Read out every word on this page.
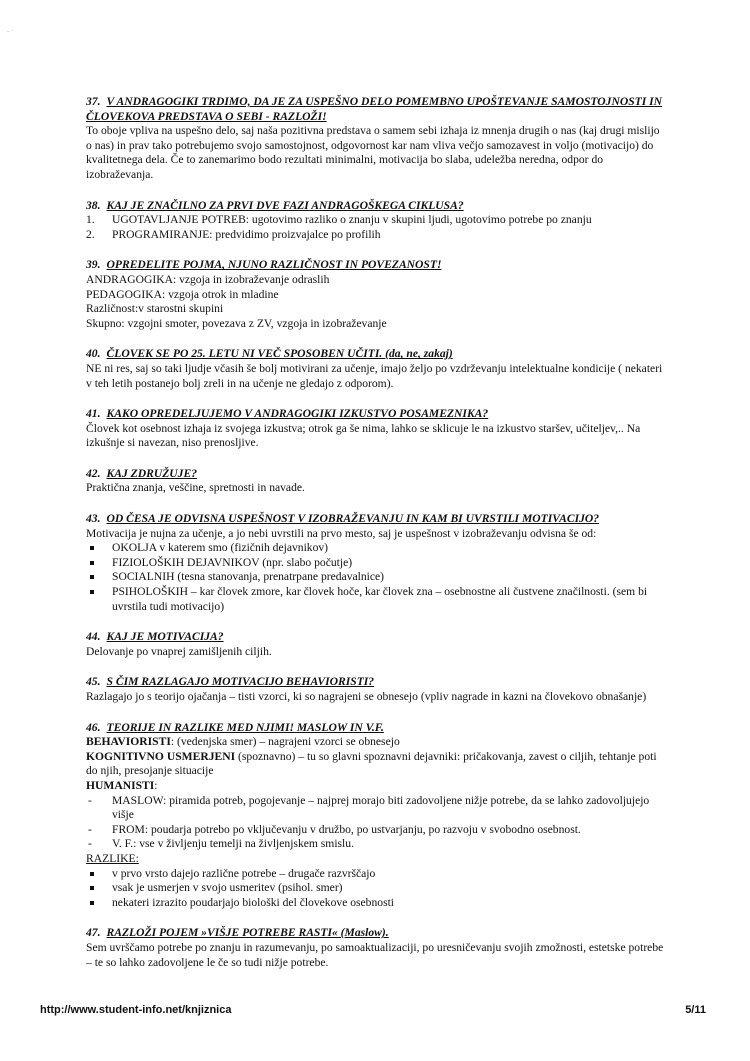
⁻˙
37. V ANDRAGOGIKI TRDIMO, DA JE ZA USPEŠNO DELO POMEMBNO UPOŠTEVANJE SAMOSTOJNOSTI IN ČLOVEKOVA PREDSTAVA O SEBI - RAZLOŽI!

To oboje vpliva na uspešno delo, saj naša pozitivna predstava o samem sebi izhaja iz mnenja drugih o nas (kaj drugi mislijo o nas) in prav tako potrebujemo svojo samostojnost, odgovornost kar nam vliva večjo samozavest in voljo (motivacijo) do kvalitetnega dela. Če to zanemarimo bodo rezultati minimalni, motivacija bo slaba, udeležba neredna, odpor do izobraževanja.

38. KAJ JE ZNAČILNO ZA PRVI DVE FAZI ANDRAGOŠKEGA CIKLUSA?
1. UGOTAVLJANJE POTREB: ugotovimo razliko o znanju v skupini ljudi, ugotovimo potrebe po znanju
2. PROGRAMIRANJE: predvidimo proizvajalce po profilih
39. OPREDELITE POJMA, NJUNO RAZLIČNOST IN POVEZANOST!

ANDRAGOGIKA: vzgoja in izobraževanje odraslih

PEDAGOGIKA: vzgoja otrok in mladine

Različnost:v starostni skupini

Skupno: vzgojni smoter, povezava z ZV, vzgoja in izobraževanje

40. ČLOVEK SE PO 25. LETU NI VEČ SPOSOBEN UČITI. (da, ne, zakaj)

NE ni res, saj so taki ljudje včasih še bolj motivirani za učenje, imajo željo po vzdrževanju intelektualne kondicije ( nekateri v teh letih postanejo bolj zreli in na učenje ne gledajo z odporom).

41. KAKO OPREDELJUJEMO V ANDRAGOGIKI IZKUSTVO POSAMEZNIKA?

Človek kot osebnost izhaja iz svojega izkustva; otrok ga še nima, lahko se sklicuje le na izkustvo staršev, učiteljev,.. Na izkušnje si navezan, niso prenosljive.

42. KAJ ZDRUŽUJE?

Praktična znanja, veščine, spretnosti in navade.

43. OD ČESA JE ODVISNA USPEŠNOST V IZOBRAŽEVANJU IN KAM BI UVRSTILI MOTIVACIJO?

Motivacija je nujna za učenje, a jo nebi uvrstili na prvo mesto, saj je uspešnost v izobraževanju odvisna še od:

OKOLJA v katerem smo (fizičnih dejavnikov)
FIZIOLOŠKIH DEJAVNIKOV (npr. slabo počutje)
SOCIALNIH (tesna stanovanja, prenatrpane predavalnice)
PSIHOLOŠKIH – kar človek zmore, kar človek hoče, kar človek zna – osebnostne ali čustvene značilnosti. (sem bi uvrstila tudi motivacijo)
44. KAJ JE MOTIVACIJA?

Delovanje po vnaprej zamišljenih ciljih.

45. S ČIM RAZLAGAJO MOTIVACIJO BEHAVIORISTI?

Razlagajo jo s teorijo ojačanja – tisti vzorci, ki so nagrajeni se obnesejo (vpliv nagrade in kazni na človekovo obnašanje)

46. TEORIJE IN RAZLIKE MED NJIMI! MASLOW IN V.F.

BEHAVIORISTI: (vedenjska smer) – nagrajeni vzorci se obnesejo

KOGNITIVNO USMERJENI (spoznavno) – tu so glavni spoznavni dejavniki: pričakovanja, zavest o ciljih, tehtanje poti do njih, presojanje situacije

HUMANISTI:

- MASLOW: piramida potreb, pogojevanje – najprej morajo biti zadovoljene nižje potrebe, da se lahko zadovoljujejo višje
- FROM: poudarja potrebo po vključevanju v družbo, po ustvarjanju, po razvoju v svobodno osebnost.
- V. F.: vse v življenju temelji na življenjskem smislu.

RAZLIKE:

v prvo vrsto dajejo različne potrebe – drugače razvrščajo
vsak je usmerjen v svojo usmeritev (psihol. smer)
nekateri izrazito poudarjajo biološki del človekove osebnosti
47. RAZLOŽI POJEM »VIŠJE POTREBE RASTI« (Maslow).

Sem uvrščamo potrebe po znanju in razumevanju, po samoaktualizaciji, po uresničevanju svojih zmožnosti, estetske potrebe – te so lahko zadovoljene le če so tudi nižje potrebe.

http://www.student-info.net/knjiznica	5/11
